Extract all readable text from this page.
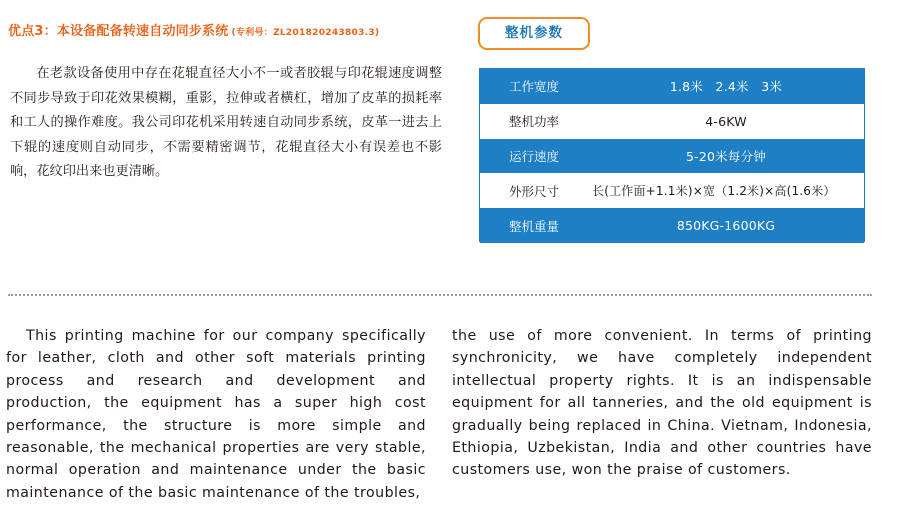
优点3：本设备配备转速自动同步系统 (专利号：ZL201820243803.3)

在老款设备使用中存在花辊直径大小不一或者胶辊与印花辊速度调整不同步导致于印花效果模糊，重影，拉伸或者横杠，增加了皮革的损耗率和工人的操作难度。我公司印花机采用转速自动同步系统，皮革一进去上下辊的速度则自动同步，不需要精密调节，花辊直径大小有误差也不影响，花纹印出来也更清晰。

整机参数
工作宽度	1.8米   2.4米   3米
整机功率	4-6KW
运行速度	5-20米每分钟
外形尺寸	长(工作面+1.1米)×宽（1.2米)×高(1.6米）
整机重量	850KG-1600KG

This printing machine for our company specifically for leather, cloth and other soft materials printing process and research and development and production, the equipment has a super high cost performance, the structure is more simple and reasonable, the mechanical properties are very stable, normal operation and maintenance under the basic maintenance of the basic maintenance of the troubles,

the use of more convenient. In terms of printing synchronicity, we have completely independent intellectual property rights. It is an indispensable equipment for all tanneries, and the old equipment is gradually being replaced in China. Vietnam, Indonesia, Ethiopia, Uzbekistan, India and other countries have customers use, won the praise of customers.
